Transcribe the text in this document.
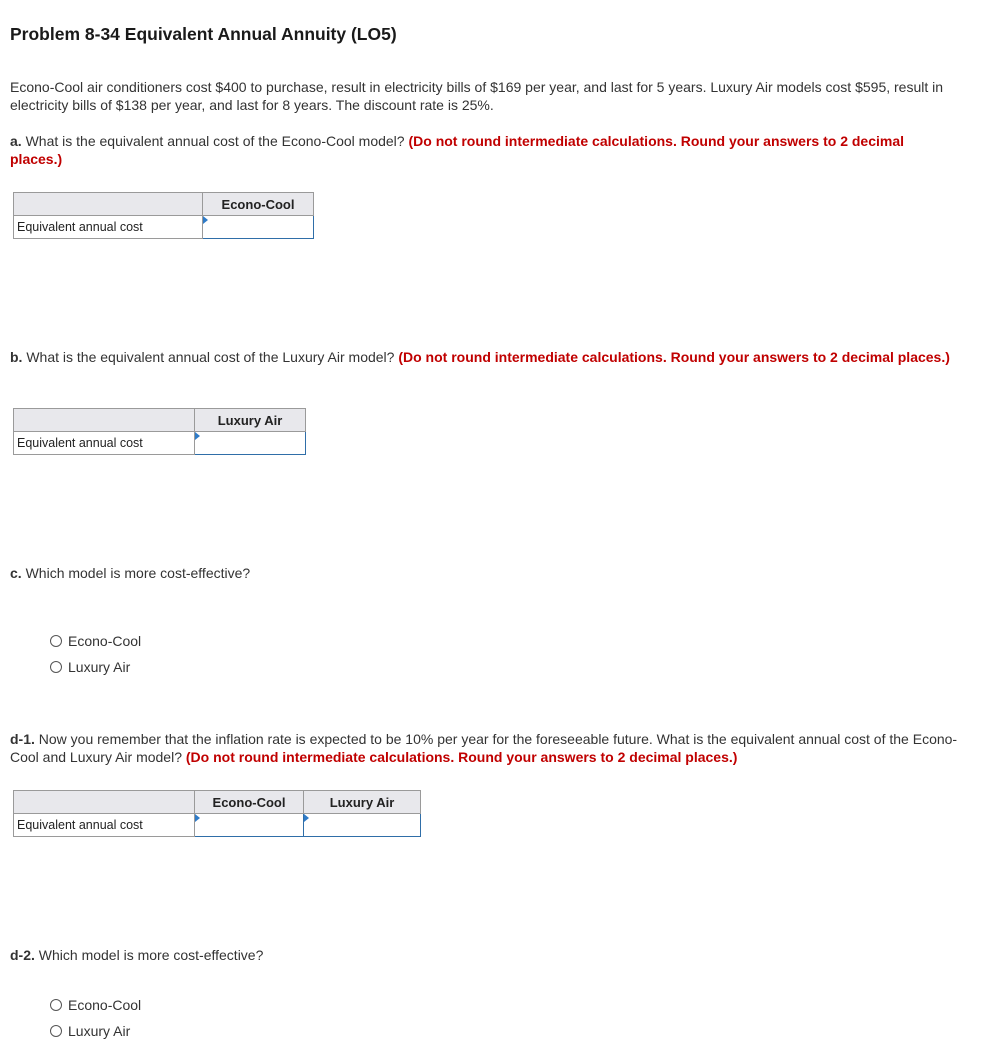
Problem 8-34 Equivalent Annual Annuity (LO5)
Econo-Cool air conditioners cost $400 to purchase, result in electricity bills of $169 per year, and last for 5 years. Luxury Air models cost $595, result in electricity bills of $138 per year, and last for 8 years. The discount rate is 25%.
a. What is the equivalent annual cost of the Econo-Cool model? (Do not round intermediate calculations. Round your answers to 2 decimal places.)
	Econo-Cool
Equivalent annual cost	
b. What is the equivalent annual cost of the Luxury Air model? (Do not round intermediate calculations. Round your answers to 2 decimal places.)
	Luxury Air
Equivalent annual cost	
c. Which model is more cost-effective?
Econo-Cool
Luxury Air
d-1. Now you remember that the inflation rate is expected to be 10% per year for the foreseeable future. What is the equivalent annual cost of the Econo-Cool and Luxury Air model? (Do not round intermediate calculations. Round your answers to 2 decimal places.)
	Econo-Cool	Luxury Air
Equivalent annual cost	

d-2. Which model is more cost-effective?
Econo-Cool
Luxury Air
